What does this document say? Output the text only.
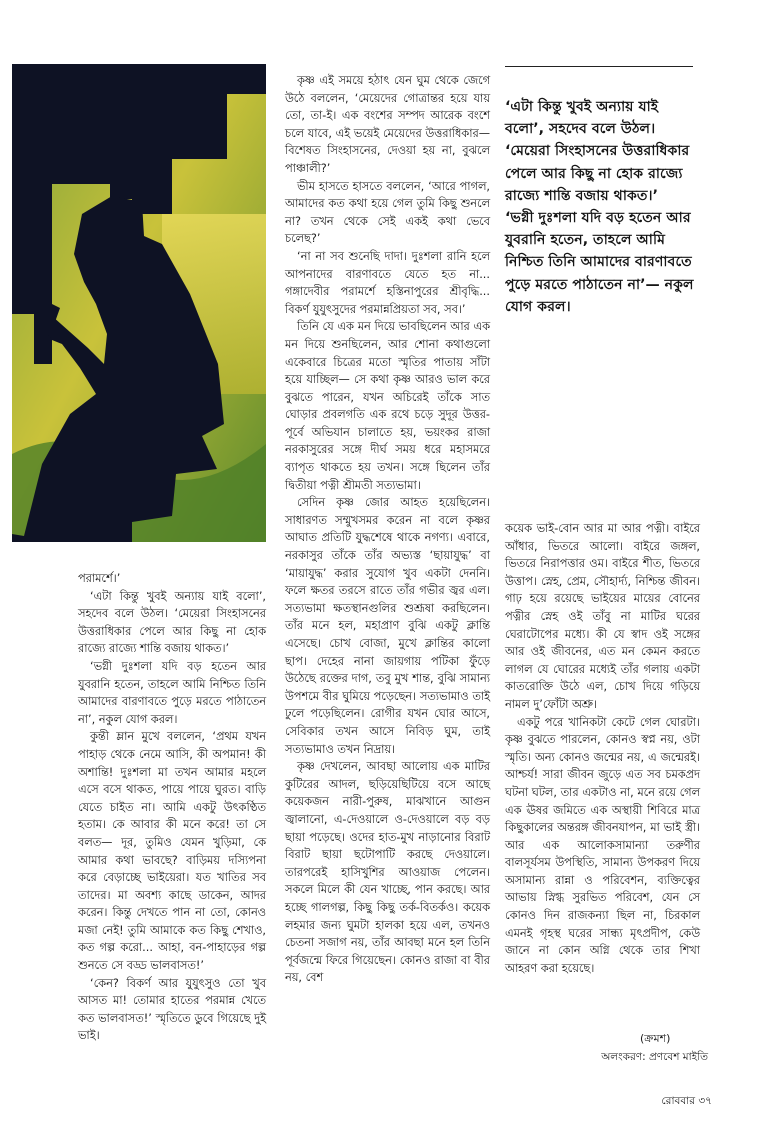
‘এটা কিন্তু খুবই অন্যায় যাই বলো’, সহদেব বলে উঠল।

‘মেয়েরা সিংহাসনের উত্তরাধিকার পেলে আর কিছু না হোক রাজ্যে রাজ্যে শান্তি বজায় থাকত।’

‘ভগ্নী দুঃশলা যদি বড় হতেন আর যুবরানি হতেন, তাহলে আমি নিশ্চিত তিনি আমাদের বারণাবতে পুড়ে মরতে পাঠাতেন না’— নকুল যোগ করল।

কৃষ্ণ এই সময়ে হঠাৎ যেন ঘুম থেকে জেগে উঠে বললেন, ‘মেয়েদের গোত্রান্তর হয়ে যায় তো, তা-ই। এক বংশের সম্পদ আরেক বংশে চলে যাবে, এই ভয়েই মেয়েদের উত্তরাধিকার— বিশেষত সিংহাসনের, দেওয়া হয় না, বুঝলে পাঞ্চালী?’

ভীম হাসতে হাসতে বললেন, ‘আরে পাগল, আমাদের কত কথা হয়ে গেল তুমি কিছু শুনলে না? তখন থেকে সেই একই কথা ভেবে চলেছ?’

‘না না সব শুনেছি দাদা। দুঃশলা রানি হলে আপনাদের বারণাবতে যেতে হত না... গঙ্গাদেবীর পরামর্শে হস্তিনাপুরের শ্রীবৃদ্ধি... বিকর্ণ যুযুৎসুদের পরমান্নপ্রিয়তা সব, সব।’

তিনি যে এক মন দিয়ে ভাবছিলেন আর এক মন দিয়ে শুনছিলেন, আর শোনা কথাগুলো একেবারে চিত্রের মতো স্মৃতির পাতায় সাঁটা হয়ে যাচ্ছিল— সে কথা কৃষ্ণ আরও ভাল করে বুঝতে পারেন, যখন অচিরেই তাঁকে সাত ঘোড়ার প্রবলগতি এক রথে চড়ে সুদূর উত্তর-পূর্বে অভিযান চালাতে হয়, ভয়ংকর রাজা নরকাসুরের সঙ্গে দীর্ঘ সময় ধরে মহাসমরে ব্যাপৃত থাকতে হয় তখন। সঙ্গে ছিলেন তাঁর দ্বিতীয়া পত্নী শ্রীমতী সত্যভামা।

সেদিন কৃষ্ণ জোর আহত হয়েছিলেন। সাধারণত সম্মুখসমর করেন না বলে কৃষ্ণর আঘাত প্রতিটি যুদ্ধশেষে থাকে নগণ্য। এবারে, নরকাসুর তাঁকে তাঁর অভ্যস্ত ‘ছায়াযুদ্ধ’ বা ‘মায়াযুদ্ধ’ করার সুযোগ খুব একটা দেননি। ফলে ক্ষতর তরসে রাতে তাঁর গভীর জ্বর এল। সত্যভামা ক্ষতস্থানগুলির শুশ্রূষা করছিলেন। তাঁর মনে হল, মহাপ্রাণ বুঝি একটু ক্লান্তি এসেছে। চোখ বোজা, মুখে ক্লান্তির কালো ছাপ। দেহের নানা জায়গায় পটিকা ফুঁড়ে উঠেছে রক্তের দাগ, তবু মুখ শান্ত, বুঝি সামান্য উপশমে বীর ঘুমিয়ে পড়েছেন। সত্যভামাও তাই ঢুলে পড়েছিলেন। রোগীর যখন ঘোর আসে, সেবিকার তখন আসে নিবিড় ঘুম, তাই সত্যভামাও তখন নিদ্রায়।

কৃষ্ণ দেখলেন, আবছা আলোয় এক মাটির কুটিরের আদল, ছড়িয়েছিটিয়ে বসে আছে কয়েকজন নারী-পুরুষ, মাঝখানে আগুন জ্বালানো, এ-দেওয়ালে ও-দেওয়ালে বড় বড় ছায়া পড়েছে। ওদের হাত-মুখ নাড়ানোর বিরাট বিরাট ছায়া ছটোপাটি করছে দেওয়ালে। তারপরেই হাসিখুশির আওয়াজ পেলেন। সকলে মিলে কী যেন খাচ্ছে, পান করছে। আর হচ্ছে গালগল্প, কিছু কিছু তর্ক-বিতর্কও। কয়েক লহমার জন্য ঘুমটা হালকা হয়ে এল, তখনও চেতনা সজাগ নয়, তাঁর আবছা মনে হল তিনি পূর্বজন্মে ফিরে গিয়েছেন। কোনও রাজা বা বীর নয়, বেশ

পরামর্শে।’

‘এটা কিন্তু খুবই অন্যায় যাই বলো’, সহদেব বলে উঠল। ‘মেয়েরা সিংহাসনের উত্তরাধিকার পেলে আর কিছু না হোক রাজ্যে রাজ্যে শান্তি বজায় থাকত।’

‘ভগ্নী দুঃশলা যদি বড় হতেন আর যুবরানি হতেন, তাহলে আমি নিশ্চিত তিনি আমাদের বারণাবতে পুড়ে মরতে পাঠাতেন না’, নকুল যোগ করল।

কুন্তী ম্লান মুখে বললেন, ‘প্রথম যখন পাহাড় থেকে নেমে আসি, কী অপমান! কী অশান্তি! দুঃশলা মা তখন আমার মহলে এসে বসে থাকত, পায়ে পায়ে ঘুরত। বাড়ি যেতে চাইত না। আমি একটু উৎকণ্ঠিত হতাম। কে আবার কী মনে করে! তা সে বলত— দূর, তুমিও যেমন খুড়িমা, কে আমার কথা ভাবছে? বাড়িময় দস্যিপনা করে বেড়াচ্ছে ভাইয়েরা। যত খাতির সব তাদের। মা অবশ্য কাছে ডাকেন, আদর করেন। কিন্তু দেখতে পান না তো, কোনও মজা নেই! তুমি আমাকে কত কিছু শেখাও, কত গল্প করো... আহা, বন-পাহাড়ের গল্প শুনতে সে বড্ড ভালবাসত!’

‘কেন? বিকর্ণ আর যুযুৎসুও তো খুব আসত মা! তোমার হাতের পরমান্ন খেতে কত ভালবাসত!’ স্মৃতিতে ডুবে গিয়েছে দুই ভাই।

কয়েক ভাই-বোন আর মা আর পত্নী। বাইরে আঁধার, ভিতরে আলো। বাইরে জঙ্গল, ভিতরে নিরাপত্তার ওম। বাইরে শীত, ভিতরে উত্তাপ। স্নেহ, প্রেম, সৌহার্দ্য, নিশ্চিন্ত জীবন। গাঢ় হয়ে রয়েছে ভাইয়ের মায়ের বোনের পত্নীর স্নেহ ওই তাঁবু না মাটির ঘরের ঘেরাটোপের মধ্যে। কী যে স্বাদ ওই সঙ্গের আর ওই জীবনের, এত মন কেমন করতে লাগল যে ঘোরের মধ্যেই তাঁর গলায় একটা কাতরোক্তি উঠে এল, চোখ দিয়ে গড়িয়ে নামল দু’ফোঁটা অশ্রু।

একটু পরে খানিকটা কেটে গেল ঘোরটা। কৃষ্ণ বুঝতে পারলেন, কোনও স্বপ্ন নয়, ওটা স্মৃতি। অন্য কোনও জন্মের নয়, এ জন্মেরই। আশ্চর্য! সারা জীবন জুড়ে এত সব চমকপ্রদ ঘটনা ঘটল, তার একটাও না, মনে রয়ে গেল এক ঊষর জমিতে এক অস্থায়ী শিবিরে মাত্র কিছুকালের অন্তরঙ্গ জীবনযাপন, মা ভাই স্ত্রী। আর এক আলোকসামান্যা তরুণীর বালসূর্যসম উপস্থিতি, সামান্য উপকরণ দিয়ে অসামান্য রান্না ও পরিবেশন, ব্যক্তিত্বের আভায় স্নিগ্ধ সুরভিত পরিবেশ, যেন সে কোনও দিন রাজকন্যা ছিল না, চিরকাল এমনই গৃহস্থ ঘরের সান্ধ্য মৃৎপ্রদীপ, কেউ জানে না কোন অগ্নি থেকে তার শিখা আহরণ করা হয়েছে।

(ক্রমশ)
অলংকরণ: প্রণবেশ মাইতি
রোববার ৩৭
